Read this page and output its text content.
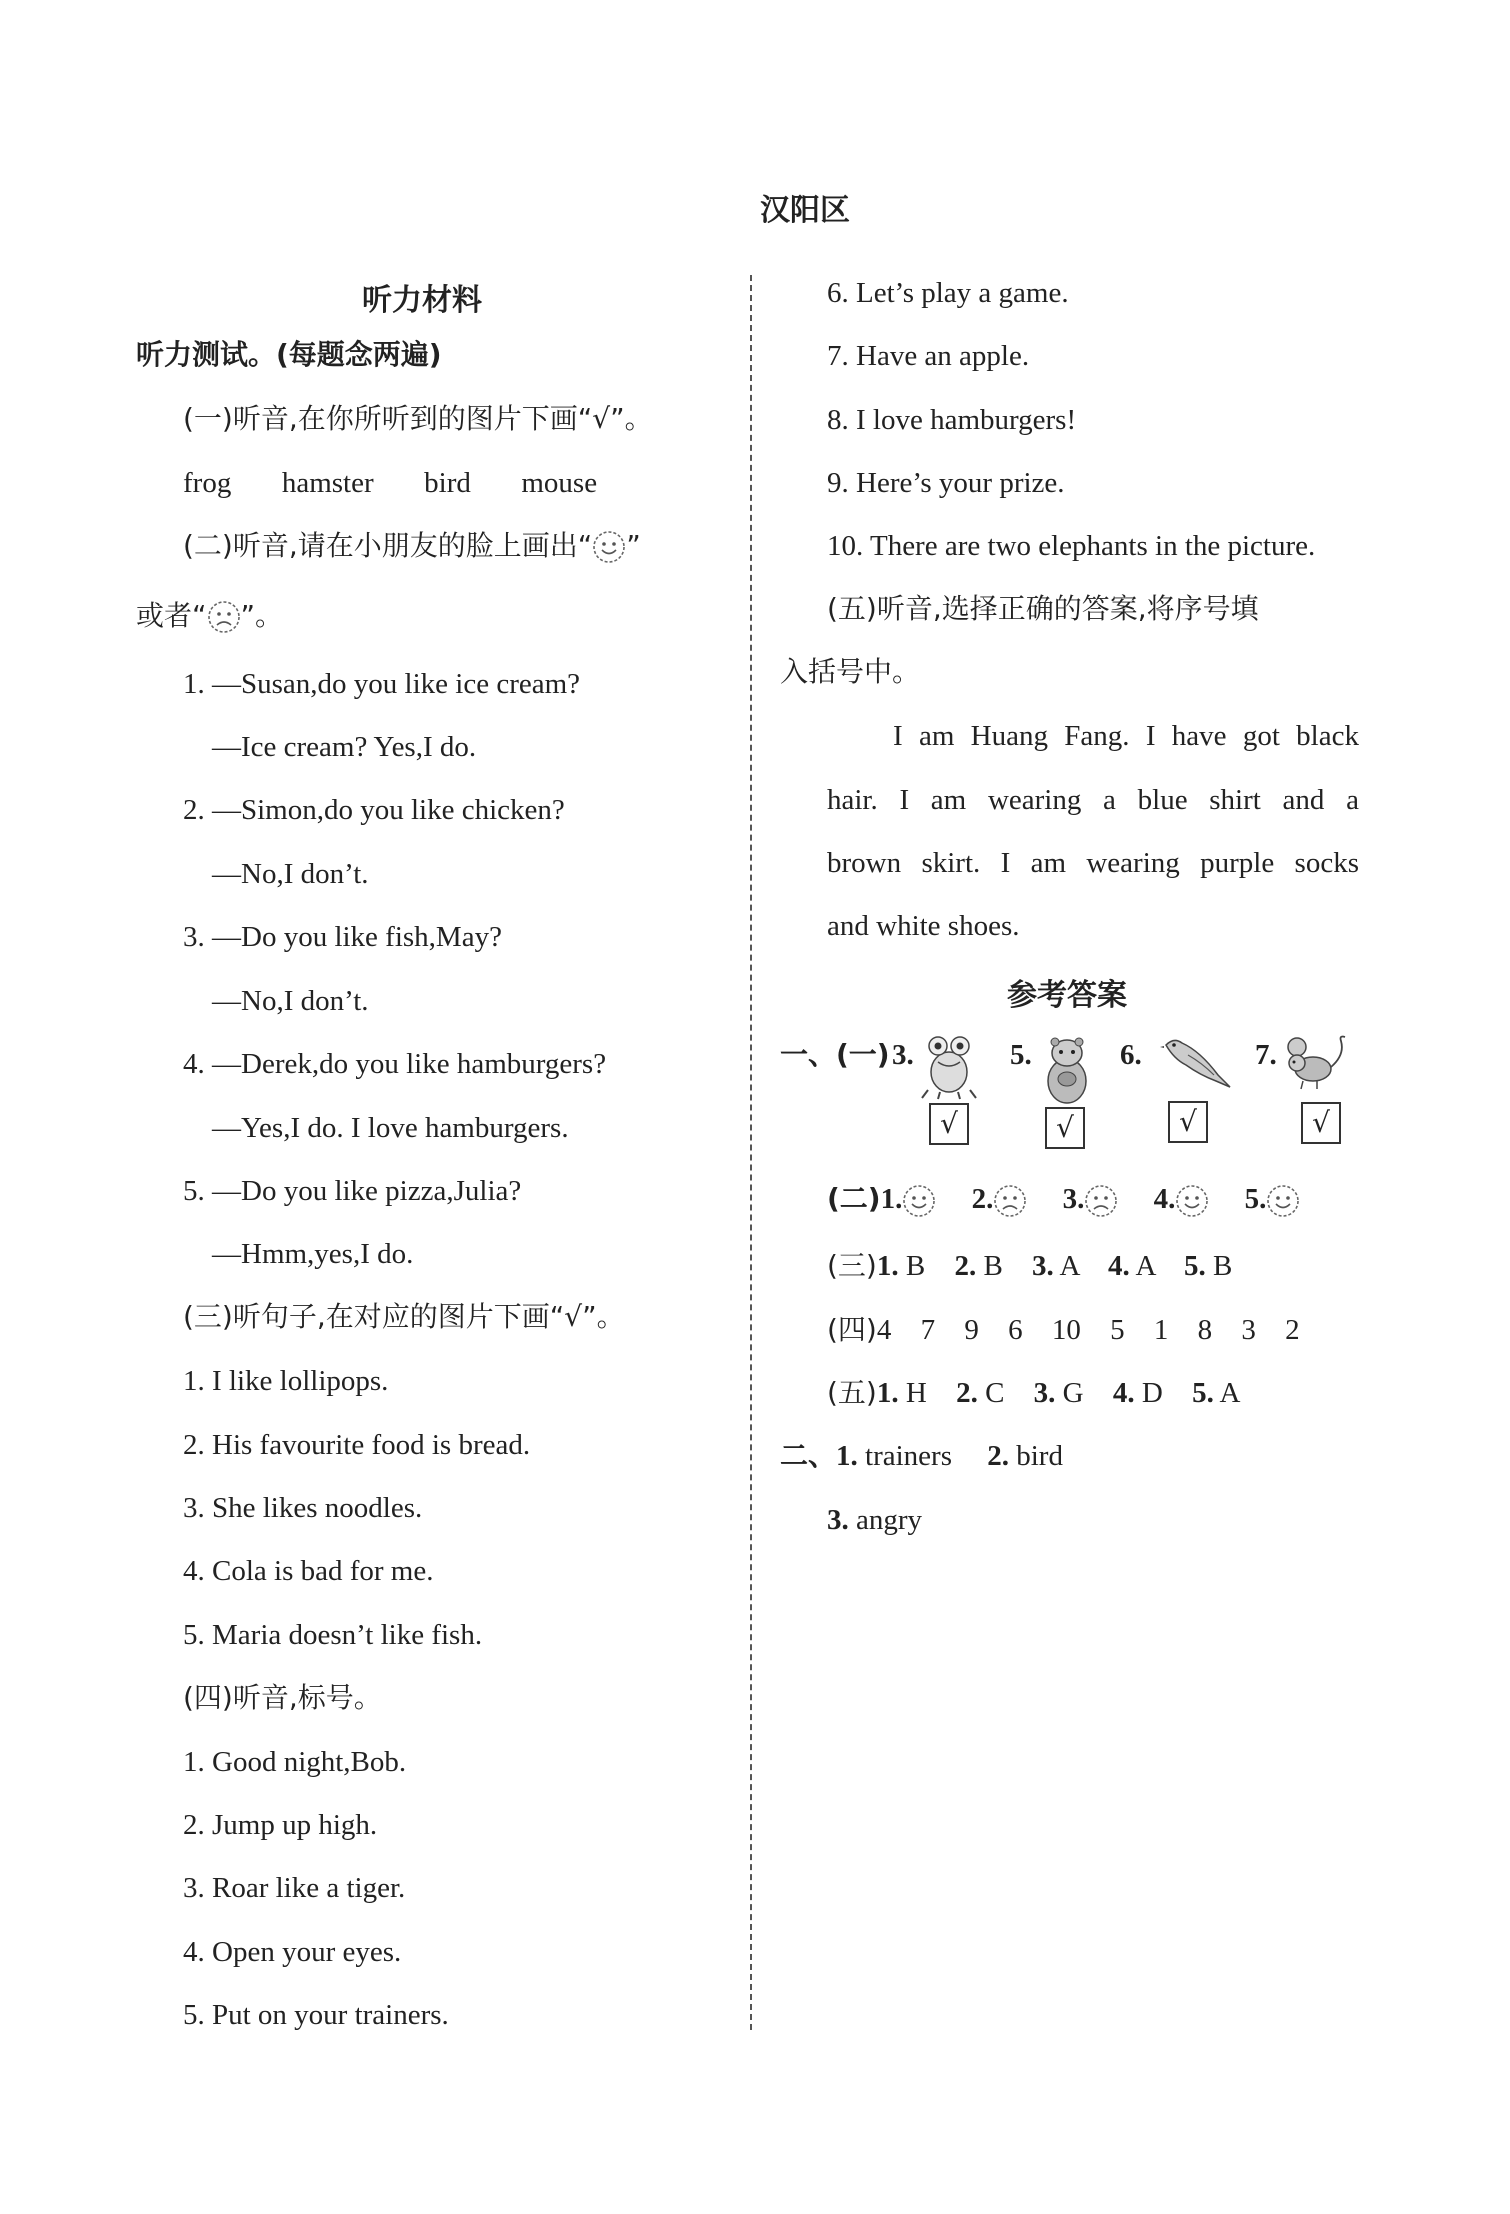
汉阳区
听力材料
听力测试。(每题念两遍)
(一)听音,在你所听到的图片下画“√”。
frog hamster bird mouse
(二)听音,请在小朋友的脸上画出“ ”
或者“ ”。
1. —Susan,do you like ice cream?
—Ice cream? Yes,I do.
2. —Simon,do you like chicken?
—No,I don’t.
3. —Do you like fish,May?
—No,I don’t.
4. —Derek,do you like hamburgers?
—Yes,I do. I love hamburgers.
5. —Do you like pizza,Julia?
—Hmm,yes,I do.
(三)听句子,在对应的图片下画“√”。
1. I like lollipops.
2. His favourite food is bread.
3. She likes noodles.
4. Cola is bad for me.
5. Maria doesn’t like fish.
(四)听音,标号。
1. Good night,Bob.
2. Jump up high.
3. Roar like a tiger.
4. Open your eyes.
5. Put on your trainers.
6. Let’s play a game.
7. Have an apple.
8. I love hamburgers!
9. Here’s your prize.
10. There are two elephants in the picture.
(五)听音,选择正确的答案,将序号填
入括号中。
I am Huang Fang. I have got black
hair. I am wearing a blue shirt and a
brown skirt. I am wearing purple socks
and white shoes.
参考答案
一、(一) 3.	5.	6.	7.
√	√	√	√
(二)1. 2. 3. 4. 5.
(三)1. B 2. B 3. A 4. A 5. B
(四)4 7 9 6 10 5 1 8 3 2
(五)1. H 2. C 3. G 4. D 5. A
二、1. trainers 2. bird
3. angry
